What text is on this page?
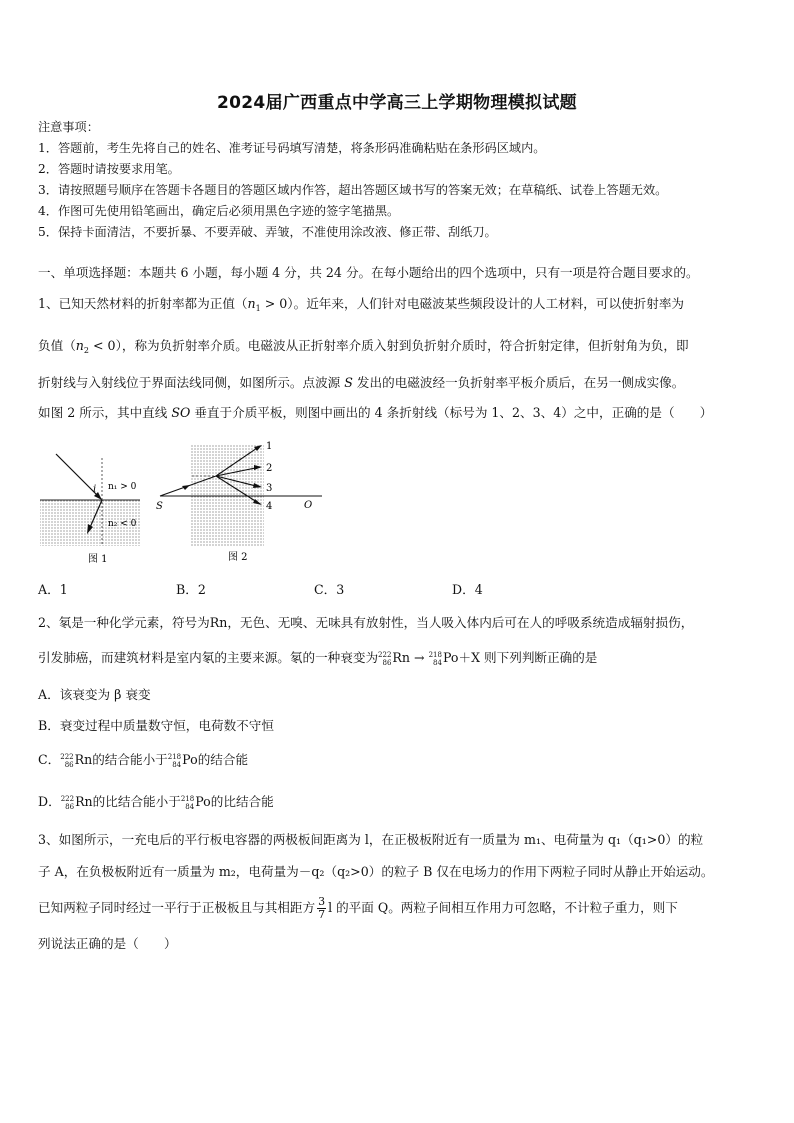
2024届广西重点中学高三上学期物理模拟试题
注意事项：
1．答题前，考生先将自己的姓名、准考证号码填写清楚，将条形码准确粘贴在条形码区域内。
2．答题时请按要求用笔。
3．请按照题号顺序在答题卡各题目的答题区域内作答，超出答题区域书写的答案无效；在草稿纸、试卷上答题无效。
4．作图可先使用铅笔画出，确定后必须用黑色字迹的签字笔描黑。
5．保持卡面清洁，不要折暴、不要弄破、弄皱，不准使用涂改液、修正带、刮纸刀。
一、单项选择题：本题共 6 小题，每小题 4 分，共 24 分。在每小题给出的四个选项中，只有一项是符合题目要求的。
1、已知天然材料的折射率都为正值$(n_1 > 0)$。近年来，人们针对电磁波某些频段设计的人工材料，可以使折射率为
负值$(n_2 < 0)$，称为负折射率介质。电磁波从正折射率介质入射到负折射介质时，符合折射定律，但折射角为负，即
折射线与入射线位于界面法线同侧，如图所示。点波源 S 发出的电磁波经一负折射率平板介质后，在另一侧成实像。
如图 2 所示，其中直线 SO 垂直于介质平板，则图中画出的 4 条折射线（标号为 1、2、3、4）之中，正确的是（　　）
i n₁ > 0
n₂ < 0
图 1
1
2
3
4
S	O
图 2
A．1	B．2	C．3	D．4
2、氡是一种化学元素，符号为Rn，无色、无嗅、无味具有放射性，当人吸入体内后可在人的呼吸系统造成辐射损伤，
引发肺癌，而建筑材料是室内氡的主要来源。氡的一种衰变为222
86Rn → 218
84Po＋X 则下列判断正确的是
A．该衰变为 β 衰变
B．衰变过程中质量数守恒，电荷数不守恒
C．222
86Rn的结合能小于218
84Po的结合能
D．222
86Rn的比结合能小于218
84Po的比结合能
3、如图所示，一充电后的平行板电容器的两极板间距离为 l，在正极板附近有一质量为 m₁、电荷量为 q₁（q₁>0）的粒
子 A，在负极板附近有一质量为 m₂，电荷量为－q₂（q₂>0）的粒子 B 仅在电场力的作用下两粒子同时从静止开始运动。
已知两粒子同时经过一平行于正极板且与其相距方 $\frac{3}{7}$ l 的平面 Q。两粒子间相互作用力可忽略，不计粒子重力，则下
列说法正确的是（　　）
